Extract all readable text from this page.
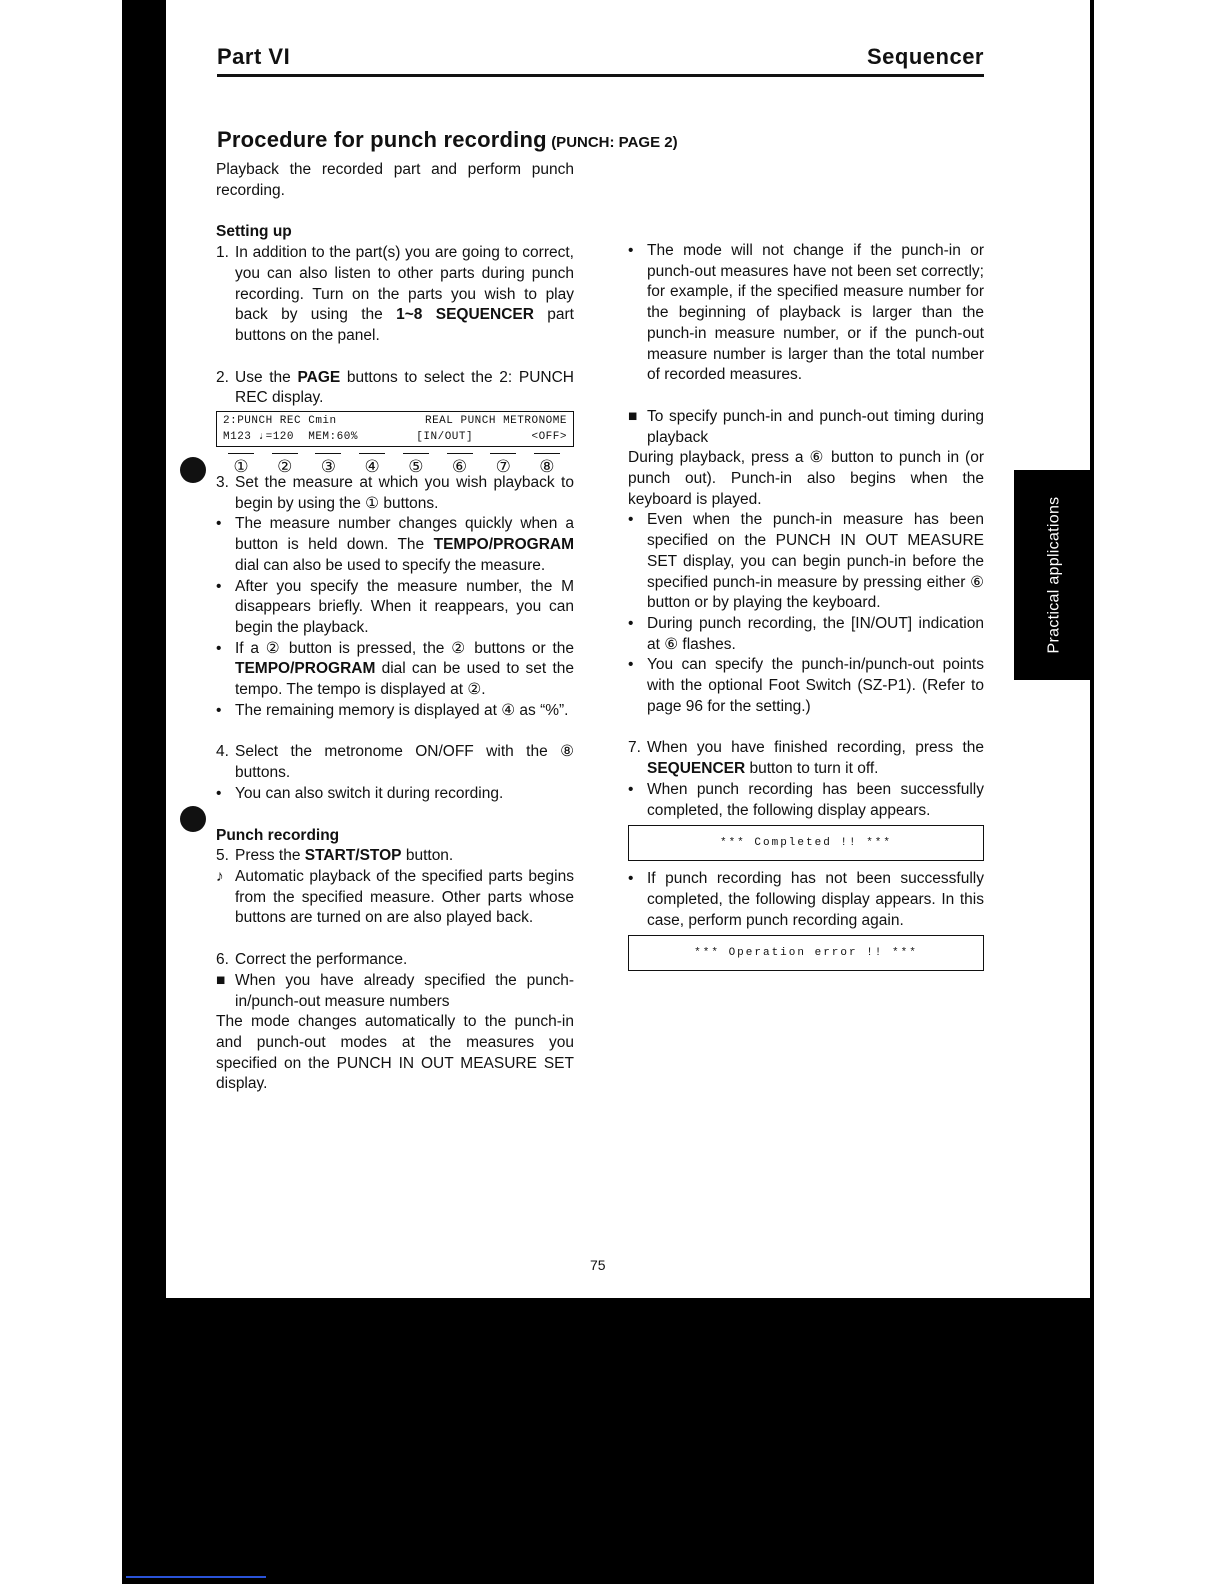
Practical applications
Part VI	Sequencer
Procedure for punch recording (PUNCH: PAGE 2)

Playback the recorded part and perform punch recording.

Setting up
1. In addition to the part(s) you are going to correct, you can also listen to other parts during punch recording. Turn on the parts you wish to play back by using the 1~8 SEQUENCER part buttons on the panel.
2. Use the PAGE buttons to select the 2: PUNCH REC display.
2:PUNCH REC Cmin	REAL PUNCH METRONOME
M123 ♩=120  MEM:60%	[IN/OUT]	<OFF>
①	②	③	④	⑤	⑥	⑦	⑧
3. Set the measure at which you wish playback to begin by using the ① buttons.
• The measure number changes quickly when a button is held down. The TEMPO/PROGRAM dial can also be used to specify the measure.
• After you specify the measure number, the M disappears briefly. When it reappears, you can begin the playback.
• If a ② button is pressed, the ② buttons or the TEMPO/PROGRAM dial can be used to set the tempo. The tempo is displayed at ②.
• The remaining memory is displayed at ④ as “%”.
4. Select the metronome ON/OFF with the ⑧ buttons.
• You can also switch it during recording.
Punch recording
5. Press the START/STOP button.
♪ Automatic playback of the specified parts begins from the specified measure. Other parts whose buttons are turned on are also played back.
6. Correct the performance.
■ When you have already specified the punch-in/punch-out measure numbers

The mode changes automatically to the punch-in and punch-out modes at the measures you specified on the PUNCH IN OUT MEASURE SET display.

• The mode will not change if the punch-in or punch-out measures have not been set correctly; for example, if the specified measure number for the beginning of playback is larger than the punch-in measure number, or if the punch-out measure number is larger than the total number of recorded measures.
■ To specify punch-in and punch-out timing during playback

During playback, press a ⑥ button to punch in (or punch out). Punch-in also begins when the keyboard is played.

• Even when the punch-in measure has been specified on the PUNCH IN OUT MEASURE SET display, you can begin punch-in before the specified punch-in measure by pressing either ⑥ button or by playing the keyboard.
• During punch recording, the [IN/OUT] indication at ⑥ flashes.
• You can specify the punch-in/punch-out points with the optional Foot Switch (SZ-P1). (Refer to page 96 for the setting.)
7. When you have finished recording, press the SEQUENCER button to turn it off.
• When punch recording has been successfully completed, the following display appears.
*** Completed !! ***
• If punch recording has not been successfully completed, the following display appears. In this case, perform punch recording again.
*** Operation error !! ***
75
